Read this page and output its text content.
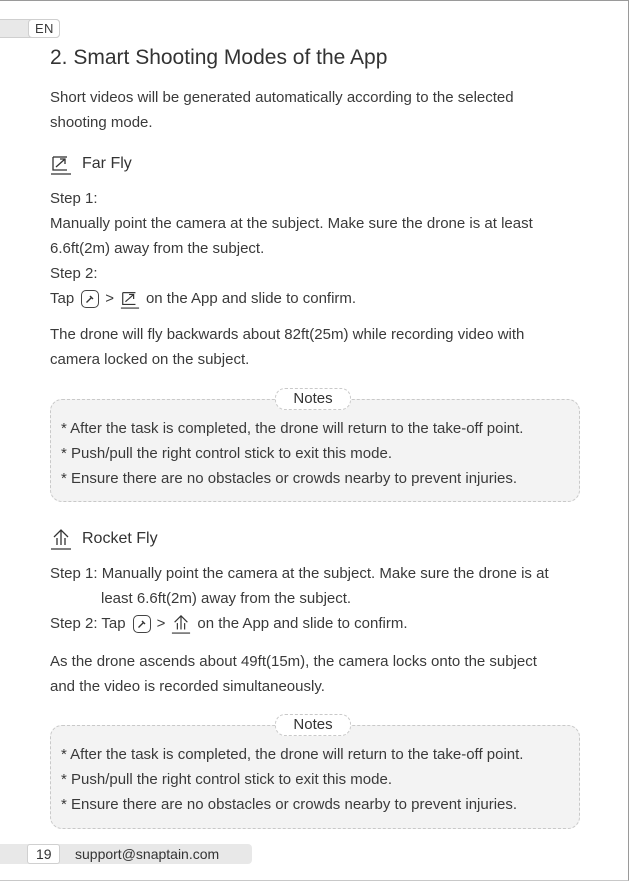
EN
2. Smart Shooting Modes of the App
Short videos will be generated automatically according to the selected
shooting mode.
Far Fly
Step 1:
Manually point the camera at the subject. Make sure the drone is at least
6.6ft(2m) away from the subject.
Step 2:
Tap > on the App and slide to confirm.
The drone will fly backwards about 82ft(25m) while recording video with
camera locked on the subject.
* After the task is completed, the drone will return to the take-off point.
* Push/pull the right control stick to exit this mode.
* Ensure there are no obstacles or crowds nearby to prevent injuries.
Notes
Rocket Fly
Step 1: Manually point the camera at the subject. Make sure the drone is at
least 6.6ft(2m) away from the subject.
Step 2: Tap > on the App and slide to confirm.
As the drone ascends about 49ft(15m), the camera locks onto the subject
and the video is recorded simultaneously.
* After the task is completed, the drone will return to the take-off point.
* Push/pull the right control stick to exit this mode.
* Ensure there are no obstacles or crowds nearby to prevent injuries.
Notes
19 support@snaptain.com
